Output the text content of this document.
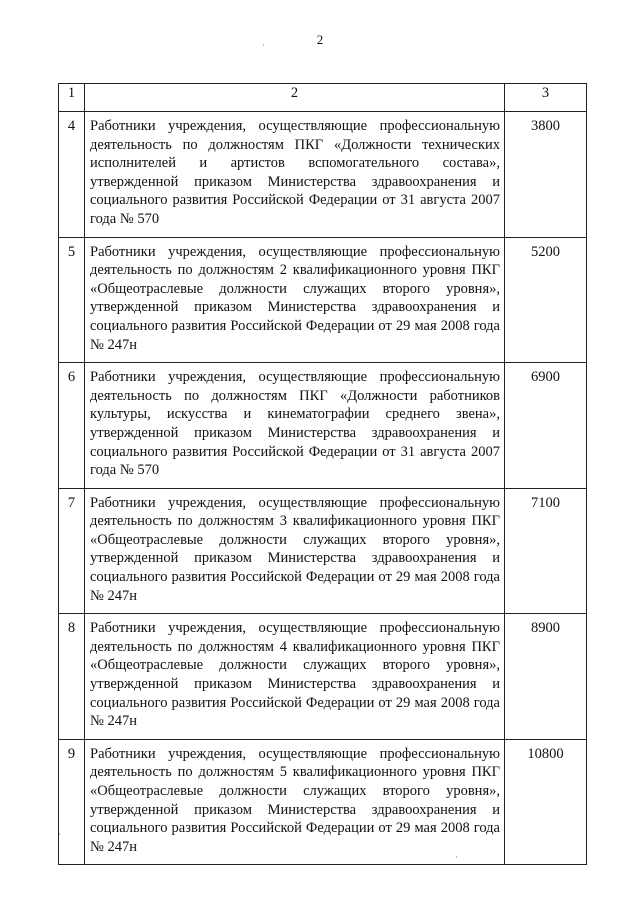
2
·
,
·
1	2	3
4	Работники учреждения, осуществляющие профессиональную деятельность по должностям ПКГ «Должности технических исполнителей и артистов вспомогательного состава», утвержденной приказом Министерства здравоохранения и социального развития Российской Федерации от 31 августа 2007 года № 570	3800
5	Работники учреждения, осуществляющие профессиональную деятельность по должностям 2 квалификационного уровня ПКГ «Общеотраслевые должности служащих второго уровня», утвержденной приказом Министерства здравоохранения и социального развития Российской Федерации от 29 мая 2008 года № 247н	5200
6	Работники учреждения, осуществляющие профессиональную деятельность по должностям ПКГ «Должности работников культуры, искусства и кинематографии среднего звена», утвержденной приказом Министерства здравоохранения и социального развития Российской Федерации от 31 августа 2007 года № 570	6900
7	Работники учреждения, осуществляющие профессиональную деятельность по должностям 3 квалификационного уровня ПКГ «Общеотраслевые должности служащих второго уровня», утвержденной приказом Министерства здравоохранения и социального развития Российской Федерации от 29 мая 2008 года № 247н	7100
8	Работники учреждения, осуществляющие профессиональную деятельность по должностям 4 квалификационного уровня ПКГ «Общеотраслевые должности служащих второго уровня», утвержденной приказом Министерства здравоохранения и социального развития Российской Федерации от 29 мая 2008 года № 247н	8900
9	Работники учреждения, осуществляющие профессиональную деятельность по должностям 5 квалификационного уровня ПКГ «Общеотраслевые должности служащих второго уровня», утвержденной приказом Министерства здравоохранения и социального развития Российской Федерации от 29 мая 2008 года № 247н	10800
